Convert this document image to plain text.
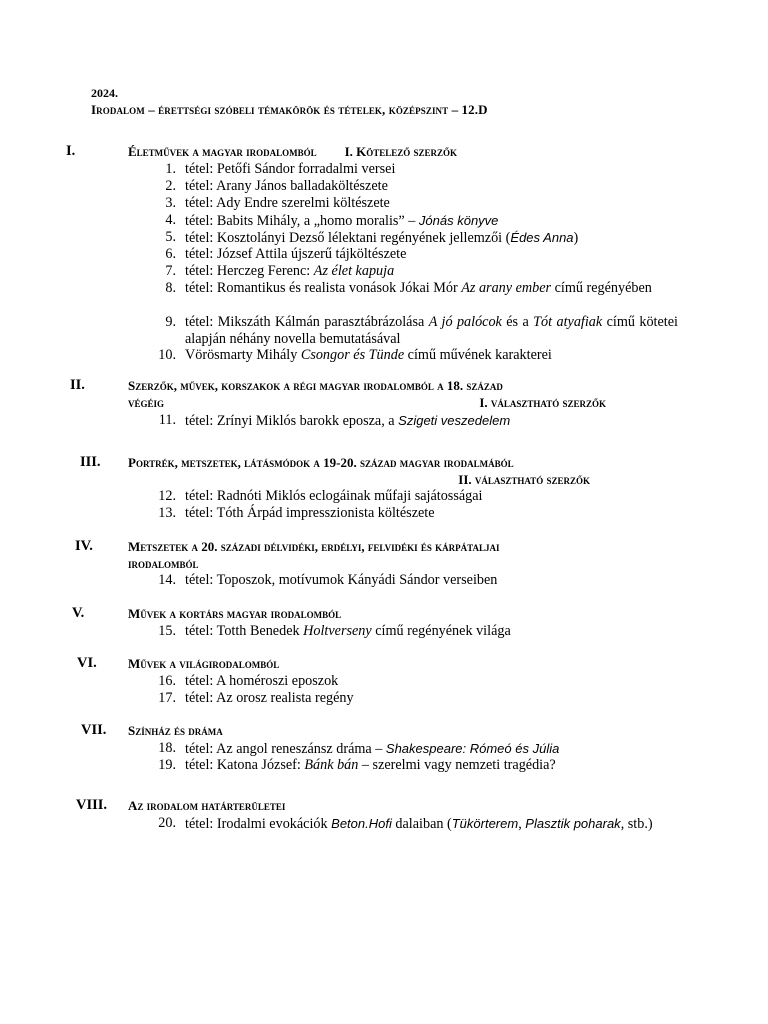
2024.
Irodalom – érettségi szóbeli témakörök és tételek, középszint – 12.D
I.	Életművek a magyar irodalomból I. Kötelező szerzők
1. tétel: Petőfi Sándor forradalmi versei
2. tétel: Arany János balladaköltészete
3. tétel: Ady Endre szerelmi költészete
4. tétel: Babits Mihály, a „homo moralis” – Jónás könyve
5. tétel: Kosztolányi Dezső lélektani regényének jellemzői (Édes Anna)
6. tétel: József Attila újszerű tájköltészete
7. tétel: Herczeg Ferenc: Az élet kapuja
8. tétel: Romantikus és realista vonások Jókai Mór Az arany ember című regényében
9. tétel: Mikszáth Kálmán parasztábrázolása A jó palócok és a Tót atyafiak című kötetei alapján néhány novella bemutatásával
10. Vörösmarty Mihály Csongor és Tünde című művének karakterei
II.	Szerzők, művek, korszakok a régi magyar irodalomból a 18. század
végéig	I. választható szerzők
11. tétel: Zrínyi Miklós barokk eposza, a Szigeti veszedelem
III.	Portrék, metszetek, látásmódok a 19-20. század magyar irodalmából
II. választható szerzők
12. tétel: Radnóti Miklós eclogáinak műfaji sajátosságai
13. tétel: Tóth Árpád impresszionista költészete
IV.	Metszetek a 20. századi délvidéki, erdélyi, felvidéki és kárpátaljai
irodalomból
14. tétel: Toposzok, motívumok Kányádi Sándor verseiben
V.	Művek a kortárs magyar irodalomból
15. tétel: Totth Benedek Holtverseny című regényének világa
VI.	Művek a világirodalomból
16. tétel: A homéroszi eposzok
17. tétel: Az orosz realista regény
VII.	Színház és dráma
18. tétel: Az angol reneszánsz dráma – Shakespeare: Rómeó és Júlia
19. tétel: Katona József: Bánk bán – szerelmi vagy nemzeti tragédia?
VIII.	Az irodalom határterületei
20. tétel: Irodalmi evokációk Beton.Hofi dalaiban (Tükörterem, Plasztik poharak, stb.)
